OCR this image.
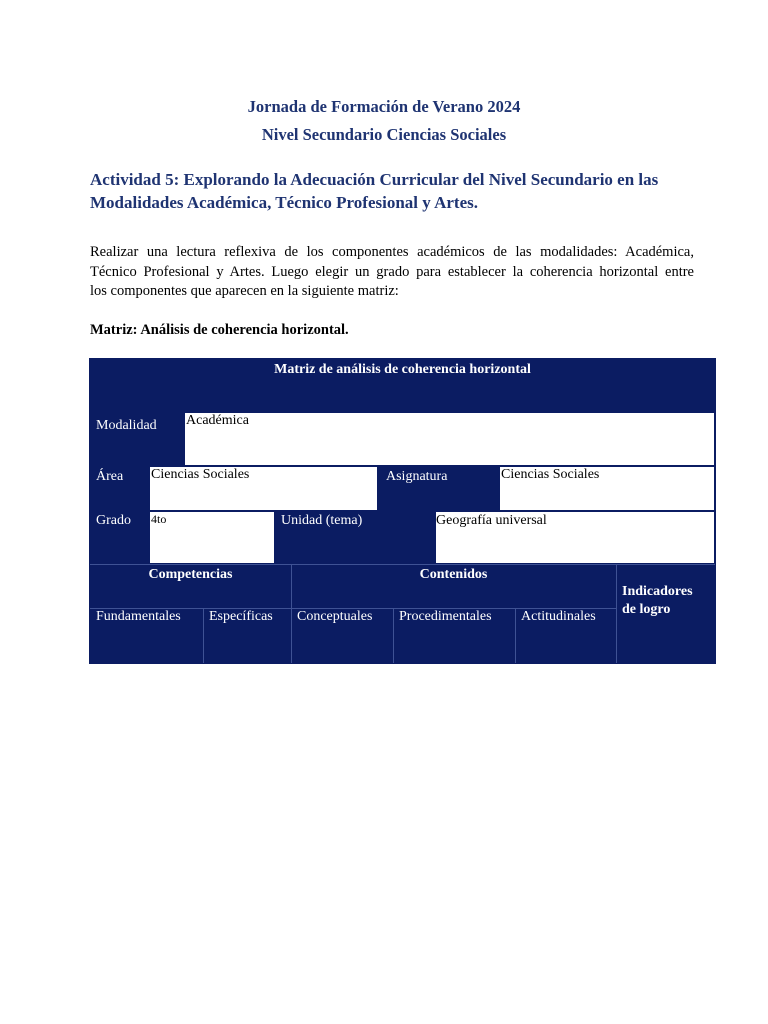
Jornada de Formación de Verano 2024
Nivel Secundario Ciencias Sociales
Actividad 5: Explorando la Adecuación Curricular del Nivel Secundario en las
Modalidades Académica, Técnico Profesional y Artes.
Realizar una lectura reflexiva de los componentes académicos de las modalidades: Académica,
Técnico Profesional y Artes. Luego elegir un grado para establecer la coherencia horizontal entre
los componentes que aparecen en la siguiente matriz:
Matriz: Análisis de coherencia horizontal.
Matriz de análisis de coherencia horizontal
Modalidad	Académica
Área	Ciencias Sociales	Asignatura	Ciencias Sociales
Grado	4to	Unidad (tema)	Geografía universal
Competencias	Contenidos
Indicadores de logro
Fundamentales	Específicas	Conceptuales	Procedimentales	Actitudinales
